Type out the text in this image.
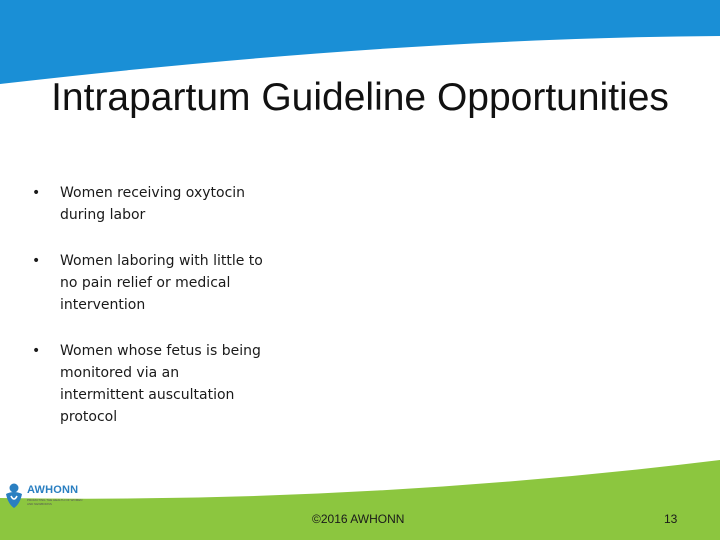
Intrapartum Guideline Opportunities
• Women receiving oxytocin
during labor
• Women laboring with little to
no pain relief or medical
intervention
• Women whose fetus is being
monitored via an
intermittent auscultation
protocol
AWHONN
PROMOTING THE HEALTH OF WOMEN AND NEWBORNS
©2016 AWHONN	13
